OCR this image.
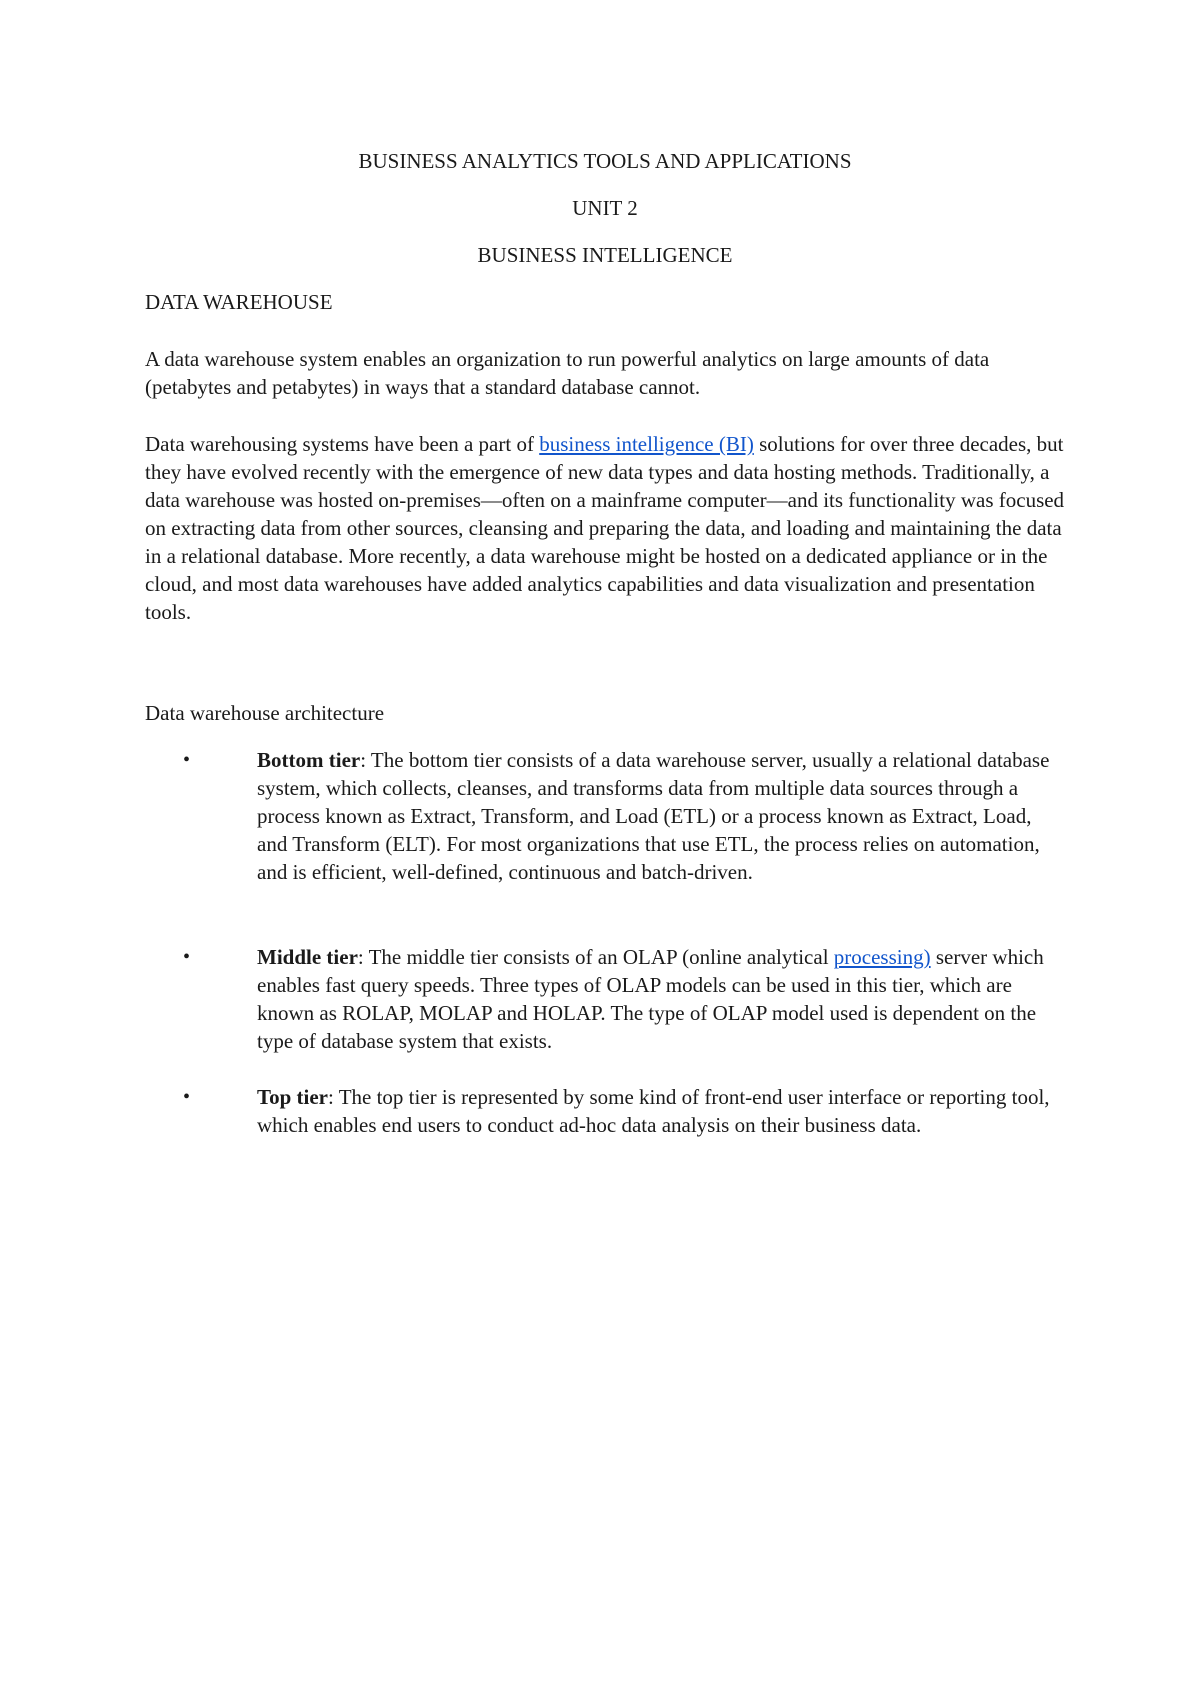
BUSINESS ANALYTICS TOOLS AND APPLICATIONS

UNIT 2

BUSINESS INTELLIGENCE

DATA WAREHOUSE

A data warehouse system enables an organization to run powerful analytics on large amounts of data (petabytes and petabytes) in ways that a standard database cannot.

Data warehousing systems have been a part of business intelligence (BI) solutions for over three decades, but they have evolved recently with the emergence of new data types and data hosting methods. Traditionally, a data warehouse was hosted on-premises—often on a mainframe computer—and its functionality was focused on extracting data from other sources, cleansing and preparing the data, and loading and maintaining the data in a relational database. More recently, a data warehouse might be hosted on a dedicated appliance or in the cloud, and most data warehouses have added analytics capabilities and data visualization and presentation tools.

Data warehouse architecture

•	Bottom tier: The bottom tier consists of a data warehouse server, usually a relational database system, which collects, cleanses, and transforms data from multiple data sources through a process known as Extract, Transform, and Load (ETL) or a process known as Extract, Load, and Transform (ELT). For most organizations that use ETL, the process relies on automation, and is efficient, well-defined, continuous and batch-driven.

•	Middle tier: The middle tier consists of an OLAP (online analytical processing) server which enables fast query speeds. Three types of OLAP models can be used in this tier, which are known as ROLAP, MOLAP and HOLAP. The type of OLAP model used is dependent on the type of database system that exists.

•	Top tier: The top tier is represented by some kind of front-end user interface or reporting tool, which enables end users to conduct ad-hoc data analysis on their business data.
